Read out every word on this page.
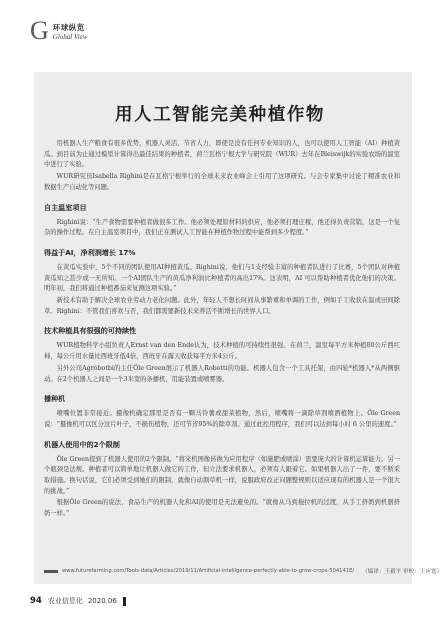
G 环球纵览
Global View
用人工智能完美种植作物

用机器人生产粮食有很多优势，机器人灵活、节省人力，即使是没有任何专业知识的人，也可以使用人工智能（AI）种植黄瓜。到目前为止通过模型计算得出最佳结果的种植者，荷兰瓦格宁根大学与研究院（WUR）去年在Bleiswijk的实验农场的温室中进行了实验。

WUR研究员Isabella Righini是在瓦格宁根举行的全球未来农业峰会上引用了这项研究。与会专家集中讨论了精准农业和数据生产自动化等问题。

自主温室项目

Righini说：“生产食物需要种植者做很多工作。他必须处理原材料的供应，他必须打理庄稼，他还得负责营销，这是一个复杂的操作过程。在自主温室项目中，我们正在测试人工智能在种植作物过程中能帮到多少程度。”

得益于AI，净利润增长 17%

在黄瓜实验中，5个不同的团队使用AI种植黄瓜。Righini说，他们与1支经验丰富的种植者队进行了比赛，5个团队对种植黄瓜知之甚少或一无所知。一个AI团队生产的黄瓜净利润比种植者的高出17%。这表明，AI 可以帮助种植者优化他们的决策。明年初，我们将通过种植番茄来复测这项实验。”

新技术有助于解决全球农业劳动力老化问题。此外，年轻人不想长时间从事繁重和单调的工作，例如手工收获在温或田间除草。Righini：不管我们喜欢与否，我们都需要新技术来养活不断增长的世界人口。

技术种植具有很强的可持续性

WUR植物科学小组负责人Ernst van den Ende认为，技术种植的可持续性很强。在荷兰，温室每平方米种植80公斤西红柿，每公斤用水量比西班牙低4倍，西班牙在露天收获每平方米4公斤。

另外公司Agrobotbi的主任Öle Green展示了机器人Robotti的功能。机器人包含一个工具托架，由四轮*机器人*从两侧驱动。在2个机器人之间是一个3米宽的条播机，用能装置或喷雾器。

播种机

喷嘴位置非常接近。摄像机确定那里是否有一颗马铃薯或甜菜植物，然后，喷嘴将一滴除草剂喷洒植物上。Öle Green说：“摄像机可以区分这片叶子，不损伤植物，还可节省95%的除草剂。通过此控用程序，我们可以达到每小时 6 公里的速度。”

机器人使用中的2个限制

Öle Green提到了机器人使用的2个限制。“将来机图像转换为应用程序（如施肥或喷涂）需要庞大的计算机运算能力。另一个瓶颈是法规。种植者可以简单地让机器人做它的工作，但立法要求机器人，必须有人跟着它。如果机器人出了一件，要不断采取措施。换句话说，它们必须受到她们的限制，就像自动割草机一样，说服政府改正问题整规则以适应现有的机器人是一个很大的挑战。”

根据Öle Green的说法，食品生产的机器人化和AI的使用是无法避免的。“就像从马到拖拉机的过渡，从手工挤奶到机器挤奶一样。”

www.futurefarming.com/Tools-data/Articles/2019/11/Artificial-intelligence-perfectly-able-to-grow-crops-504141E/ （编译：王毅平 审校：王应宽）
94 农业信息化 2020.06
